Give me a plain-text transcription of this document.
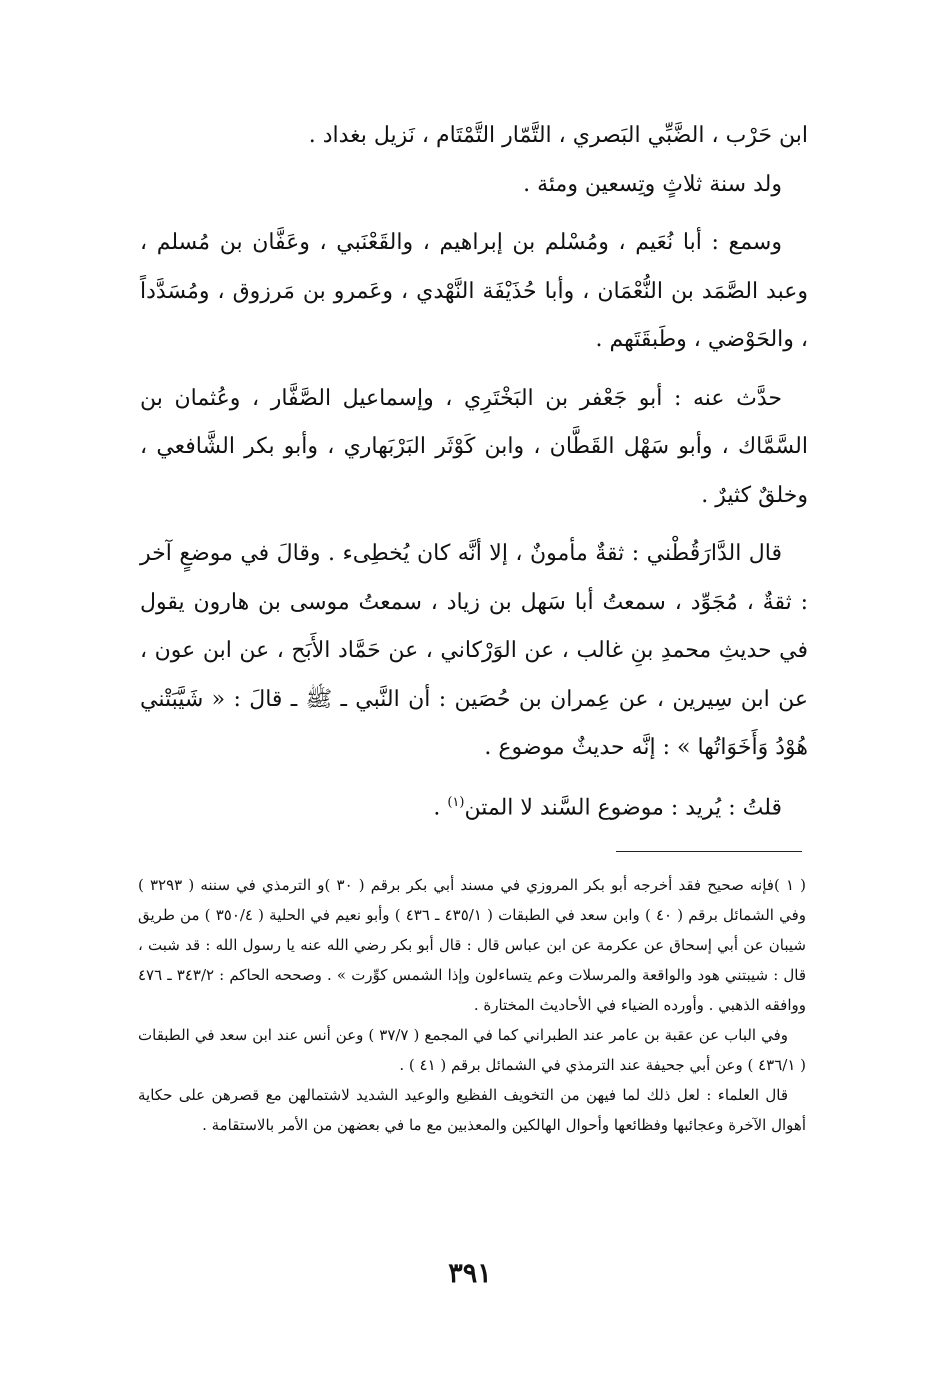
ابن حَرْب ، الضَّبِّي البَصري ، التَّمّار التَّمْتَام ، نَزيل بغداد .

ولد سنة ثلاثٍ وتِسعين ومئة .

وسمع : أبا نُعَيم ، ومُسْلم بن إبراهيم ، والقَعْنَبي ، وعَفَّان بن مُسلم ، وعبد الصَّمَد بن النُّعْمَان ، وأبا حُذَيْفَة النَّهْدي ، وعَمرو بن مَرزوق ، ومُسَدَّداً ، والحَوْضي ، وطَبقَتَهم .

حدَّث عنه : أبو جَعْفر بن البَخْتَرِي ، وإسماعيل الصَّفَّار ، وعُثمان بن السَّمَّاك ، وأبو سَهْل القَطَّان ، وابن كَوْثَر البَرْبَهاري ، وأبو بكر الشَّافعي ، وخلقٌ كثيرٌ .

قال الدَّارَقُطْني : ثقةٌ مأمونٌ ، إلا أنَّه كان يُخطِىء . وقالَ في موضعٍ آخر : ثقةٌ ، مُجَوِّد ، سمعتُ أبا سَهل بن زياد ، سمعتُ موسى بن هارون يقول في حديثِ محمدِ بنِ غالب ، عن الوَرْكاني ، عن حَمَّاد الأَبَح ، عن ابن عون ، عن ابن سِيرين ، عن عِمران بن حُصَين : أن النَّبي ـ ﷺ ـ قالَ : « شَيَّبَتْني هُوْدُ وَأَخَوَاتُها » : إنَّه حديثٌ موضوع .

قلتُ : يُريد : موضوع السَّند لا المتن$^{(١)}$ .

( ١ )فإنه صحيح فقد أخرجه أبو بكر المروزي في مسند أبي بكر برقم ( ٣٠ )و الترمذي في سننه ( ٣٢٩٣ ) وفي الشمائل برقم ( ٤٠ ) وابن سعد في الطبقات ( ٤٣٥/١ ـ ٤٣٦ ) وأبو نعيم في الحلية ( ٣٥٠/٤ ) من طريق شيبان عن أبي إسحاق عن عكرمة عن ابن عباس قال : قال أبو بكر رضي الله عنه يا رسول الله : قد شبت ، قال : شيبتني هود والواقعة والمرسلات وعم يتساءلون وإذا الشمس كوِّرت » . وصححه الحاكم : ٣٤٣/٢ ـ ٤٧٦ ووافقه الذهبي . وأورده الضياء في الأحاديث المختارة .

وفي الباب عن عقبة بن عامر عند الطبراني كما في المجمع ( ٣٧/٧ ) وعن أنس عند ابن سعد في الطبقات ( ٤٣٦/١ ) وعن أبي جحيفة عند الترمذي في الشمائل برقم ( ٤١ ) .

قال العلماء : لعل ذلك لما فيهن من التخويف الفظيع والوعيد الشديد لاشتمالهن مع قصرهن على حكاية أهوال الآخرة وعجائبها وفظائعها وأحوال الهالكين والمعذبين مع ما في بعضهن من الأمر بالاستقامة .

٣٩١
